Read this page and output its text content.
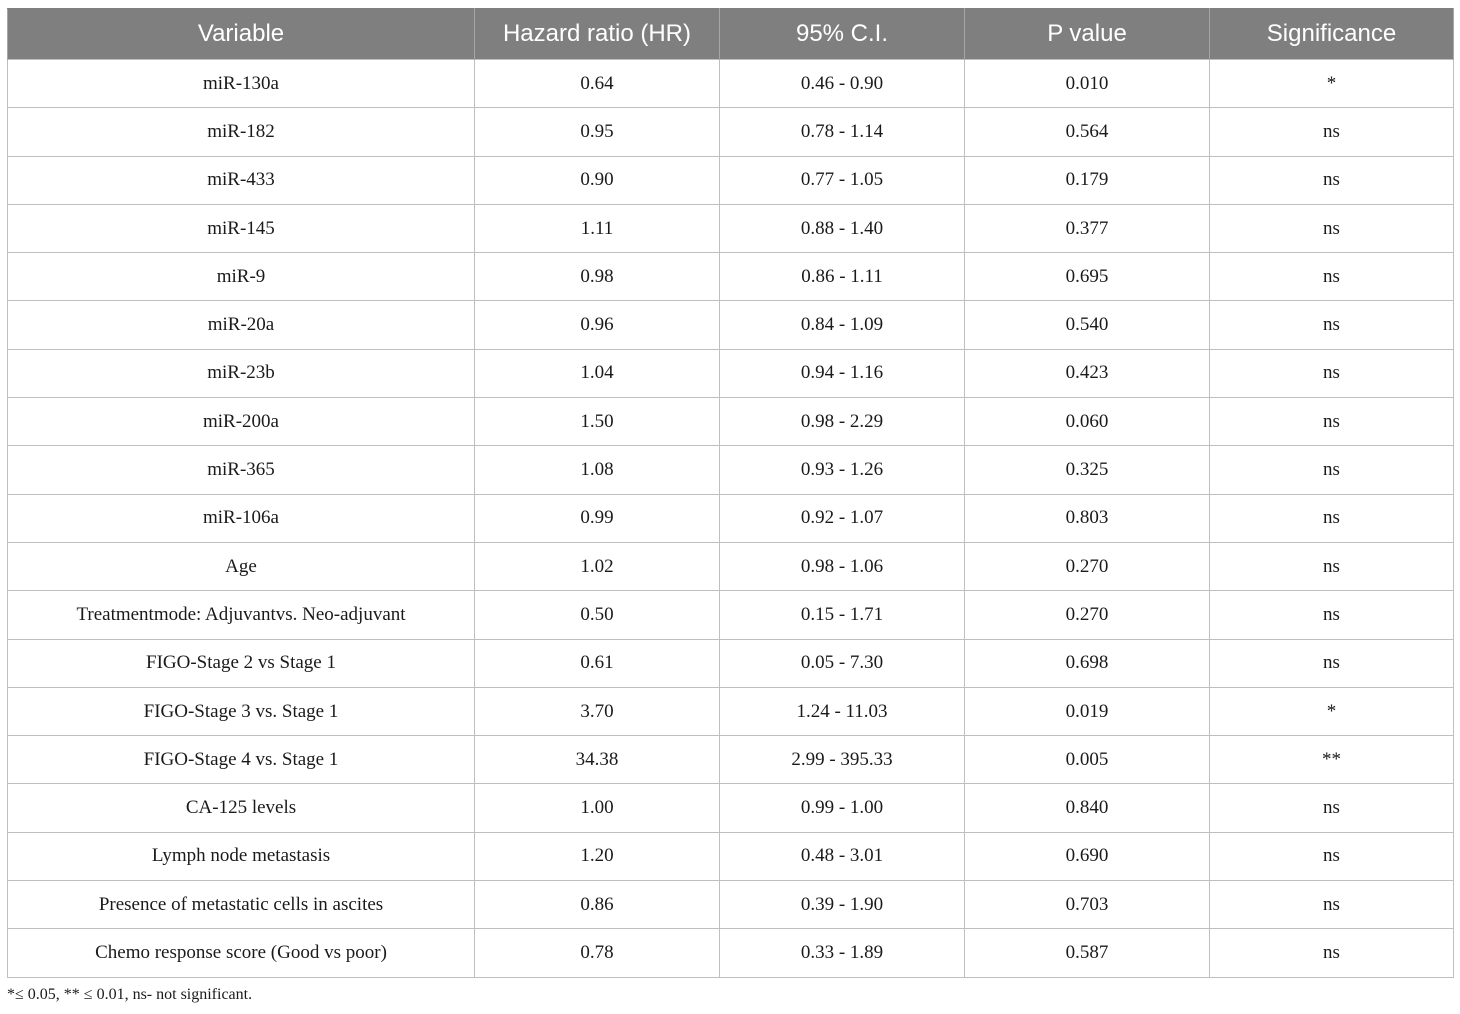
Variable	Hazard ratio (HR)	95% C.I.	P value	Significance
miR-130a	0.64	0.46 - 0.90	0.010	*
miR-182	0.95	0.78 - 1.14	0.564	ns
miR-433	0.90	0.77 - 1.05	0.179	ns
miR-145	1.11	0.88 - 1.40	0.377	ns
miR-9	0.98	0.86 - 1.11	0.695	ns
miR-20a	0.96	0.84 - 1.09	0.540	ns
miR-23b	1.04	0.94 - 1.16	0.423	ns
miR-200a	1.50	0.98 - 2.29	0.060	ns
miR-365	1.08	0.93 - 1.26	0.325	ns
miR-106a	0.99	0.92 - 1.07	0.803	ns
Age	1.02	0.98 - 1.06	0.270	ns
Treatmentmode: Adjuvantvs. Neo-adjuvant	0.50	0.15 - 1.71	0.270	ns
FIGO-Stage 2 vs Stage 1	0.61	0.05 - 7.30	0.698	ns
FIGO-Stage 3 vs. Stage 1	3.70	1.24 - 11.03	0.019	*
FIGO-Stage 4 vs. Stage 1	34.38	2.99 - 395.33	0.005	**
CA-125 levels	1.00	0.99 - 1.00	0.840	ns
Lymph node metastasis	1.20	0.48 - 3.01	0.690	ns
Presence of metastatic cells in ascites	0.86	0.39 - 1.90	0.703	ns
Chemo response score (Good vs poor)	0.78	0.33 - 1.89	0.587	ns
*≤ 0.05, ** ≤ 0.01, ns- not significant.
